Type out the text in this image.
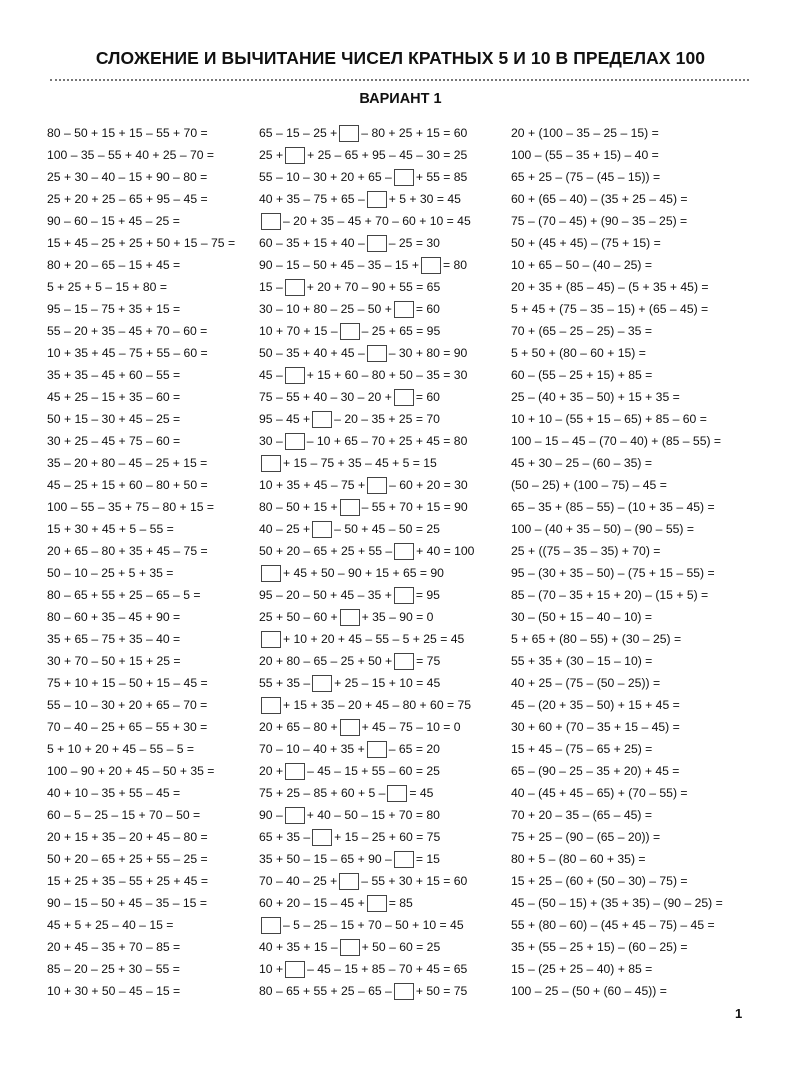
СЛОЖЕНИЕ И ВЫЧИТАНИЕ ЧИСЕЛ КРАТНЫХ 5 И 10 В ПРЕДЕЛАХ 100
ВАРИАНТ 1
80 – 50 + 15 + 15 – 55 + 70 =
100 – 35 – 55 + 40 + 25 – 70 =
25 + 30 – 40 – 15 + 90 – 80 =
25 + 20 + 25 – 65 + 95 – 45 =
90 – 60 – 15 + 45 – 25 =
15 + 45 – 25 + 25 + 50 + 15 – 75 =
80 + 20 – 65 – 15 + 45 =
5 + 25 + 5 – 15 + 80 =
95 – 15 – 75 + 35 + 15 =
55 – 20 + 35 – 45 + 70 – 60 =
10 + 35 + 45 – 75 + 55 – 60 =
35 + 35 – 45 + 60 – 55 =
45 + 25 – 15 + 35 – 60 =
50 + 15 – 30 + 45 – 25 =
30 + 25 – 45 + 75 – 60 =
35 – 20 + 80 – 45 – 25 + 15 =
45 – 25 + 15 + 60 – 80 + 50 =
100 – 55 – 35 + 75 – 80 + 15 =
15 + 30 + 45 + 5 – 55 =
20 + 65 – 80 + 35 + 45 – 75 =
50 – 10 – 25 + 5 + 35 =
80 – 65 + 55 + 25 – 65 – 5 =
80 – 60 + 35 – 45 + 90 =
35 + 65 – 75 + 35 – 40 =
30 + 70 – 50 + 15 + 25 =
75 + 10 + 15 – 50 + 15 – 45 =
55 – 10 – 30 + 20 + 65 – 70 =
70 – 40 – 25 + 65 – 55 + 30 =
5 + 10 + 20 + 45 – 55 – 5 =
100 – 90 + 20 + 45 – 50 + 35 =
40 + 10 – 35 + 55 – 45 =
60 – 5 – 25 – 15 + 70 – 50 =
20 + 15 + 35 – 20 + 45 – 80 =
50 + 20 – 65 + 25 + 55 – 25 =
15 + 25 + 35 – 55 + 25 + 45 =
90 – 15 – 50 + 45 – 35 – 15 =
45 + 5 + 25 – 40 – 15 =
20 + 45 – 35 + 70 – 85 =
85 – 20 – 25 + 30 – 55 =
10 + 30 + 50 – 45 – 15 =
65 – 15 – 25 + – 80 + 25 + 15 = 60
25 + + 25 – 65 + 95 – 45 – 30 = 25
55 – 10 – 30 + 20 + 65 – + 55 = 85
40 + 35 – 75 + 65 – + 5 + 30 = 45
– 20 + 35 – 45 + 70 – 60 + 10 = 45
60 – 35 + 15 + 40 – – 25 = 30
90 – 15 – 50 + 45 – 35 – 15 + = 80
15 – + 20 + 70 – 90 + 55 = 65
30 – 10 + 80 – 25 – 50 + = 60
10 + 70 + 15 – – 25 + 65 = 95
50 – 35 + 40 + 45 – – 30 + 80 = 90
45 – + 15 + 60 – 80 + 50 – 35 = 30
75 – 55 + 40 – 30 – 20 + = 60
95 – 45 + – 20 – 35 + 25 = 70
30 – – 10 + 65 – 70 + 25 + 45 = 80
+ 15 – 75 + 35 – 45 + 5 = 15
10 + 35 + 45 – 75 + – 60 + 20 = 30
80 – 50 + 15 + – 55 + 70 + 15 = 90
40 – 25 + – 50 + 45 – 50 = 25
50 + 20 – 65 + 25 + 55 – + 40 = 100
+ 45 + 50 – 90 + 15 + 65 = 90
95 – 20 – 50 + 45 – 35 + = 95
25 + 50 – 60 + + 35 – 90 = 0
+ 10 + 20 + 45 – 55 – 5 + 25 = 45
20 + 80 – 65 – 25 + 50 + = 75
55 + 35 – + 25 – 15 + 10 = 45
+ 15 + 35 – 20 + 45 – 80 + 60 = 75
20 + 65 – 80 + + 45 – 75 – 10 = 0
70 – 10 – 40 + 35 + – 65 = 20
20 + – 45 – 15 + 55 – 60 = 25
75 + 25 – 85 + 60 + 5 – = 45
90 – + 40 – 50 – 15 + 70 = 80
65 + 35 – + 15 – 25 + 60 = 75
35 + 50 – 15 – 65 + 90 – = 15
70 – 40 – 25 + – 55 + 30 + 15 = 60
60 + 20 – 15 – 45 + = 85
– 5 – 25 – 15 + 70 – 50 + 10 = 45
40 + 35 + 15 – + 50 – 60 = 25
10 + – 45 – 15 + 85 – 70 + 45 = 65
80 – 65 + 55 + 25 – 65 – + 50 = 75
20 + (100 – 35 – 25 – 15) =
100 – (55 – 35 + 15) – 40 =
65 + 25 – (75 – (45 – 15)) =
60 + (65 – 40) – (35 + 25 – 45) =
75 – (70 – 45) + (90 – 35 – 25) =
50 + (45 + 45) – (75 + 15) =
10 + 65 – 50 – (40 – 25) =
20 + 35 + (85 – 45) – (5 + 35 + 45) =
5 + 45 + (75 – 35 – 15) + (65 – 45) =
70 + (65 – 25 – 25) – 35 =
5 + 50 + (80 – 60 + 15) =
60 – (55 – 25 + 15) + 85 =
25 – (40 + 35 – 50) + 15 + 35 =
10 + 10 – (55 + 15 – 65) + 85 – 60 =
100 – 15 – 45 – (70 – 40) + (85 – 55) =
45 + 30 – 25 – (60 – 35) =
(50 – 25) + (100 – 75) – 45 =
65 – 35 + (85 – 55) – (10 + 35 – 45) =
100 – (40 + 35 – 50) – (90 – 55) =
25 + ((75 – 35 – 35) + 70) =
95 – (30 + 35 – 50) – (75 + 15 – 55) =
85 – (70 – 35 + 15 + 20) – (15 + 5) =
30 – (50 + 15 – 40 – 10) =
5 + 65 + (80 – 55) + (30 – 25) =
55 + 35 + (30 – 15 – 10) =
40 + 25 – (75 – (50 – 25)) =
45 – (20 + 35 – 50) + 15 + 45 =
30 + 60 + (70 – 35 + 15 – 45) =
15 + 45 – (75 – 65 + 25) =
65 – (90 – 25 – 35 + 20) + 45 =
40 – (45 + 45 – 65) + (70 – 55) =
70 + 20 – 35 – (65 – 45) =
75 + 25 – (90 – (65 – 20)) =
80 + 5 – (80 – 60 + 35) =
15 + 25 – (60 + (50 – 30) – 75) =
45 – (50 – 15) + (35 + 35) – (90 – 25) =
55 + (80 – 60) – (45 + 45 – 75) – 45 =
35 + (55 – 25 + 15) – (60 – 25) =
15 – (25 + 25 – 40) + 85 =
100 – 25 – (50 + (60 – 45)) =
1
